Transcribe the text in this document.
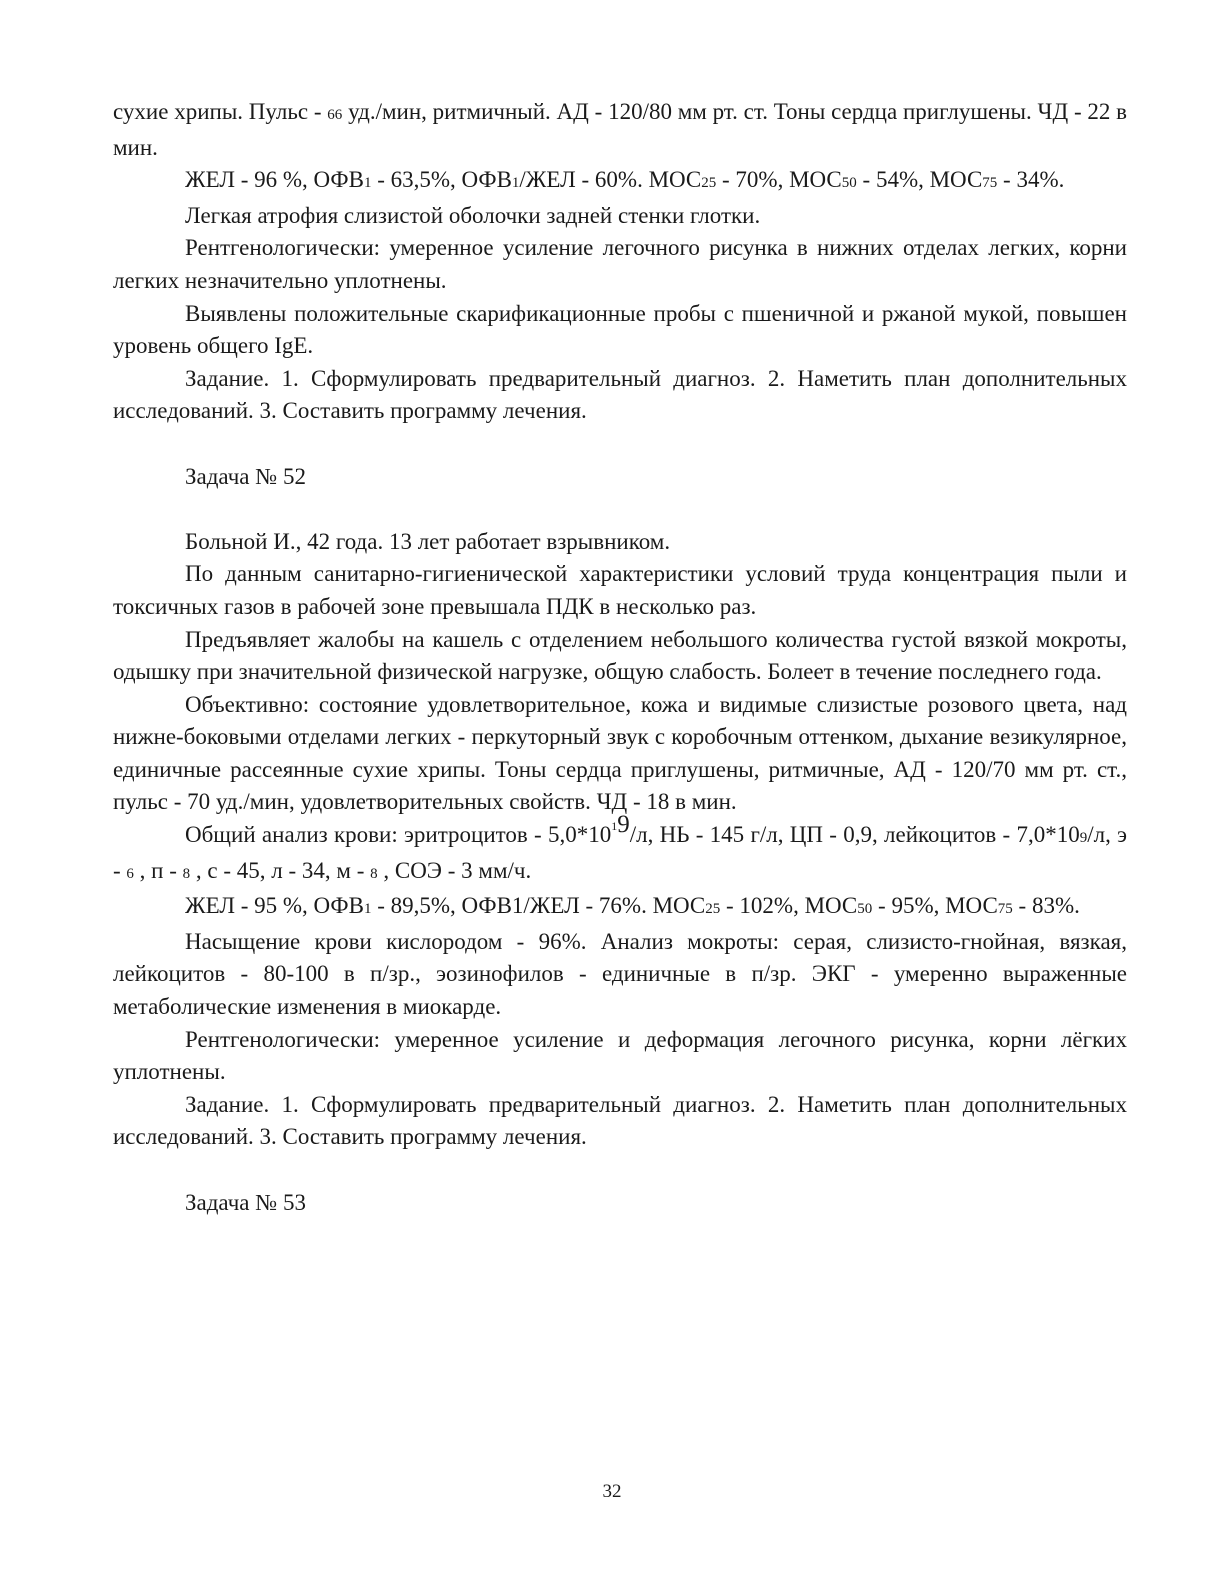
сухие хрипы. Пульс - 66 уд./мин, ритмичный. АД - 120/80 мм рт. ст. Тоны сердца приглушены. ЧД - 22 в мин.

ЖЕЛ - 96 %, ОФВ1 - 63,5%, ОФВ1/ЖЕЛ - 60%. МОС25 - 70%, МОС50 - 54%, МОС75 - 34%.

Легкая атрофия слизистой оболочки задней стенки глотки.

Рентгенологически: умеренное усиление легочного рисунка в нижних отделах легких, корни легких незначительно уплотнены.

Выявлены положительные скарификационные пробы с пшеничной и ржаной мукой, повышен уровень общего IgE.

Задание. 1. Сформулировать предварительный диагноз. 2. Наметить план дополнительных исследований. 3. Составить программу лечения.

Задача № 52

Больной И., 42 года. 13 лет работает взрывником.

По данным санитарно-гигиенической характеристики условий труда концентрация пыли и токсичных газов в рабочей зоне превышала ПДК в несколько раз.

Предъявляет жалобы на кашель с отделением небольшого количества густой вязкой мокроты, одышку при значительной физической нагрузке, общую слабость. Болеет в течение последнего года.

Объективно: состояние удовлетворительное, кожа и видимые слизистые розового цвета, над нижне-боковыми отделами легких - перкуторный звук с коробочным оттенком, дыхание везикулярное, единичные рассеянные сухие хрипы. Тоны сердца приглушены, ритмичные, АД - 120/70 мм рт. ст., пульс - 70 уд./мин, удовлетворительных свойств. ЧД - 18 в мин.

Общий анализ крови: эритроцитов - $5,0*10^19/л$, НЬ - 145 г/л, ЦП - 0,9, лейкоцитов - 7,0*109/л, э - 6 , п - 8 , с - 45, л - 34, м - 8 , СОЭ - 3 мм/ч.

ЖЕЛ - 95 %, ОФВ1 - 89,5%, ОФВ1/ЖЕЛ - 76%. МОС25 - 102%, МОС50 - 95%, МОС75 - 83%.

Насыщение крови кислородом - 96%. Анализ мокроты: серая, слизисто-гнойная, вязкая, лейкоцитов - 80-100 в п/зр., эозинофилов - единичные в п/зр. ЭКГ - умеренно выраженные метаболические изменения в миокарде.

Рентгенологически: умеренное усиление и деформация легочного рисунка, корни лёгких уплотнены.

Задание. 1. Сформулировать предварительный диагноз. 2. Наметить план дополнительных исследований. 3. Составить программу лечения.

Задача № 53

32
